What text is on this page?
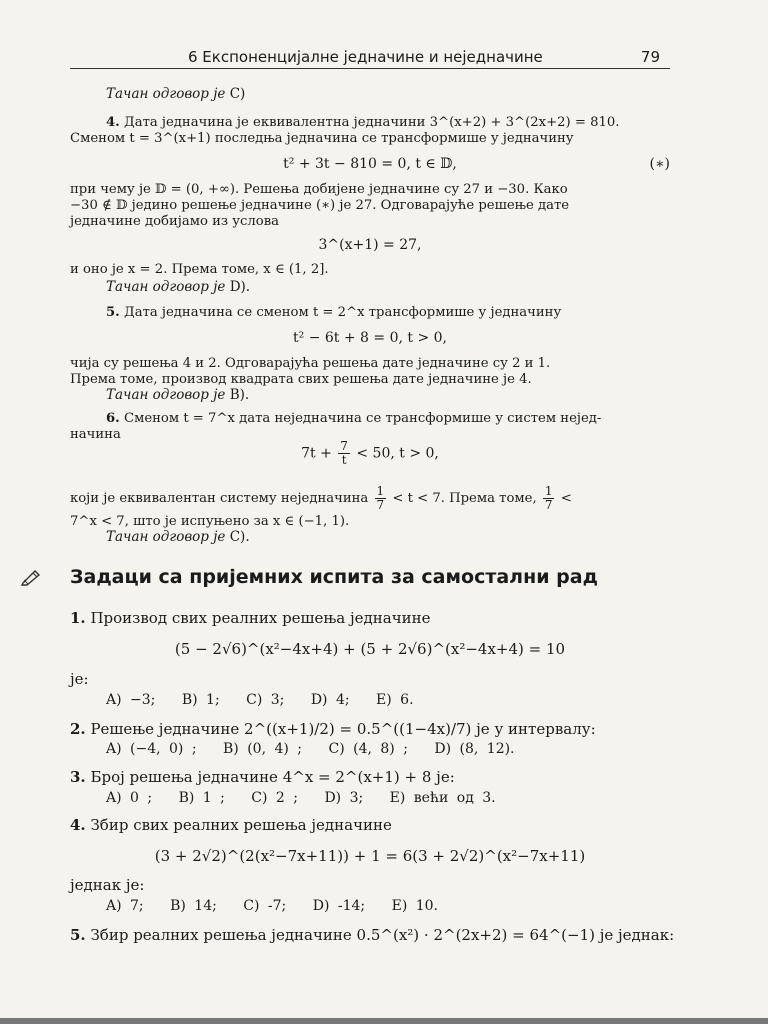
6 Експоненцијалне једначине и неједначине	79
Тачан одговор је C)
4. Дата једначина је еквивалентна једначини 3^(x+2) + 3^(2x+2) = 810.
Сменом t = 3^(x+1) последња једначина се трансформише у једначину
t² + 3t − 810 = 0, t ∈ 𝔻,	(∗)
при чему је 𝔻 = (0, +∞). Решења добијене једначине су 27 и −30. Како
−30 ∉ 𝔻 једино решење једначине (∗) је 27. Одговарајуће решење дате
једначине добијамо из услова
3^(x+1) = 27,
и оно је x = 2. Према томе, x ∈ (1, 2].
Тачан одговор је D).
5. Дата једначина се сменом t = 2^x трансформише у једначину
t² − 6t + 8 = 0, t > 0,
чија су решења 4 и 2. Одговарајућа решења дате једначине су 2 и 1.
Према томе, производ квадрата свих решења дате једначине је 4.
Тачан одговор је B).
6. Сменом t = 7^x дата неједначина се трансформише у систем нејед-
начина
$7t + \frac{7}{t} < 50$, t > 0,
који је еквивалентан систему неједначина $\frac{1}{7} < t < 7$. Према томе, $\frac{1}{7}$ <
7^x < 7, што је испуњено за x ∈ (−1, 1).
Тачан одговор је C).
Задаци са пријемних испита за самостални рад
1. Производ свих реалних решења једначине
(5 − 2√6)^(x²−4x+4) + (5 + 2√6)^(x²−4x+4) = 10
је:
A) −3; B) 1; C) 3; D) 4; E) 6.
2. Решење једначине 2^((x+1)/2) = 0.5^((1−4x)/7) је у интервалу:
A) (−4, 0) ; B) (0, 4) ; C) (4, 8) ; D) (8, 12).
3. Број решења једначине 4^x = 2^(x+1) + 8 је:
A) 0 ; B) 1 ; C) 2 ; D) 3; E) већи од 3.
4. Збир свих реалних решења једначине
(3 + 2√2)^(2(x²−7x+11)) + 1 = 6(3 + 2√2)^(x²−7x+11)
једнак је:
A) 7; B) 14; C) -7; D) -14; E) 10.
5. Збир реалних решења једначине 0.5^(x²) · 2^(2x+2) = 64^(−1) је једнак:
